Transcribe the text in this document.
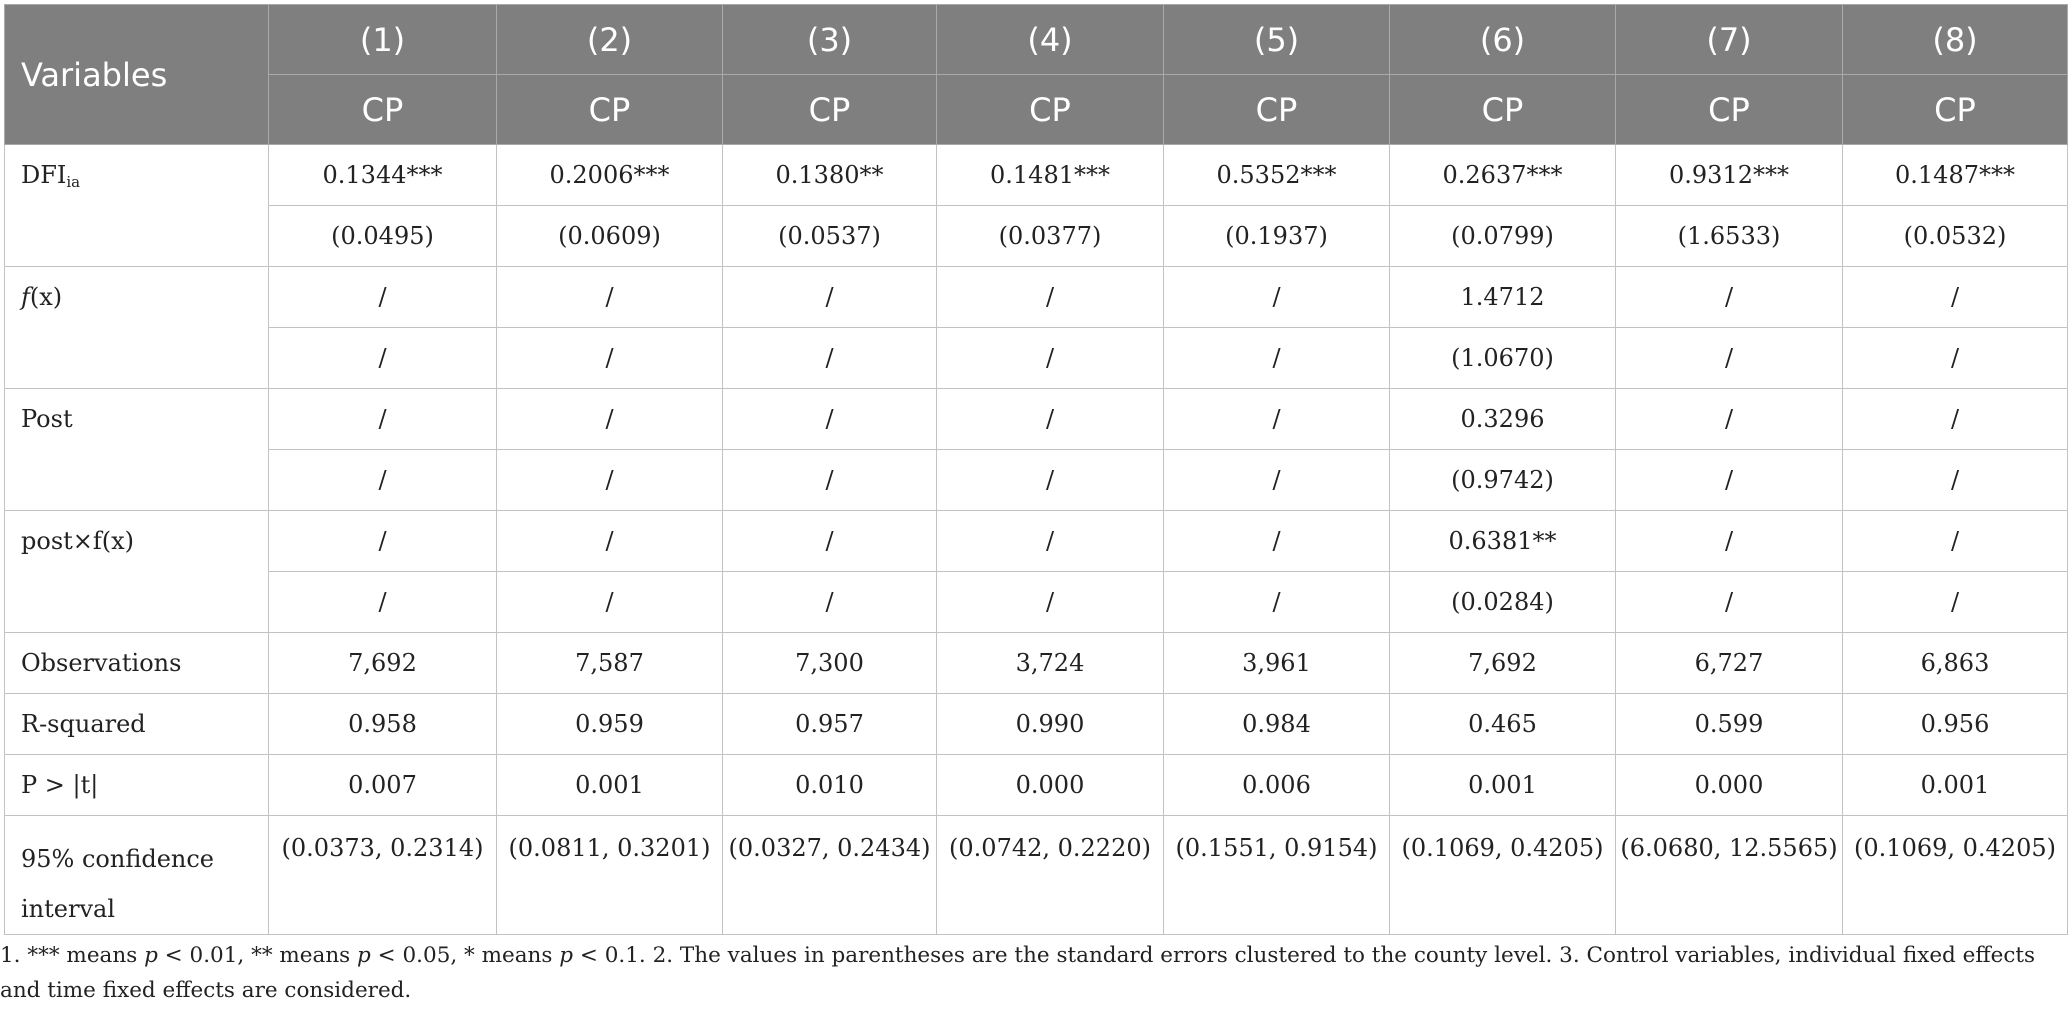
Variables	(1)	(2)	(3)	(4)	(5)	(6)	(7)	(8)
	CP	CP	CP	CP	CP	CP	CP	CP
$DFI_{ia}$	0.1344***	0.2006***	0.1380**	0.1481***	0.5352***	0.2637***	0.9312***	0.1487***
	(0.0495)	(0.0609)	(0.0537)	(0.0377)	(0.1937)	(0.0799)	(1.6533)	(0.0532)
f(x)	/	/	/	/	/	1.4712	/	/
	/	/	/	/	/	(1.0670)	/	/
Post	/	/	/	/	/	0.3296	/	/
	/	/	/	/	/	(0.9742)	/	/
post×f(x)	/	/	/	/	/	0.6381**	/	/
	/	/	/	/	/	(0.0284)	/	/
Observations	7,692	7,587	7,300	3,724	3,961	7,692	6,727	6,863
R-squared	0.958	0.959	0.957	0.990	0.984	0.465	0.599	0.956
P > |t|	0.007	0.001	0.010	0.000	0.006	0.001	0.000	0.001
95% confidence interval	(0.0373, 0.2314)	(0.0811, 0.3201)	(0.0327, 0.2434)	(0.0742, 0.2220)	(0.1551, 0.9154)	(0.1069, 0.4205)	(6.0680, 12.5565)	(0.1069, 0.4205)
1. *** means p < 0.01, ** means p < 0.05, * means p < 0.1. 2. The values in parentheses are the standard errors clustered to the county level. 3. Control variables, individual fixed effects and time fixed effects are considered.
